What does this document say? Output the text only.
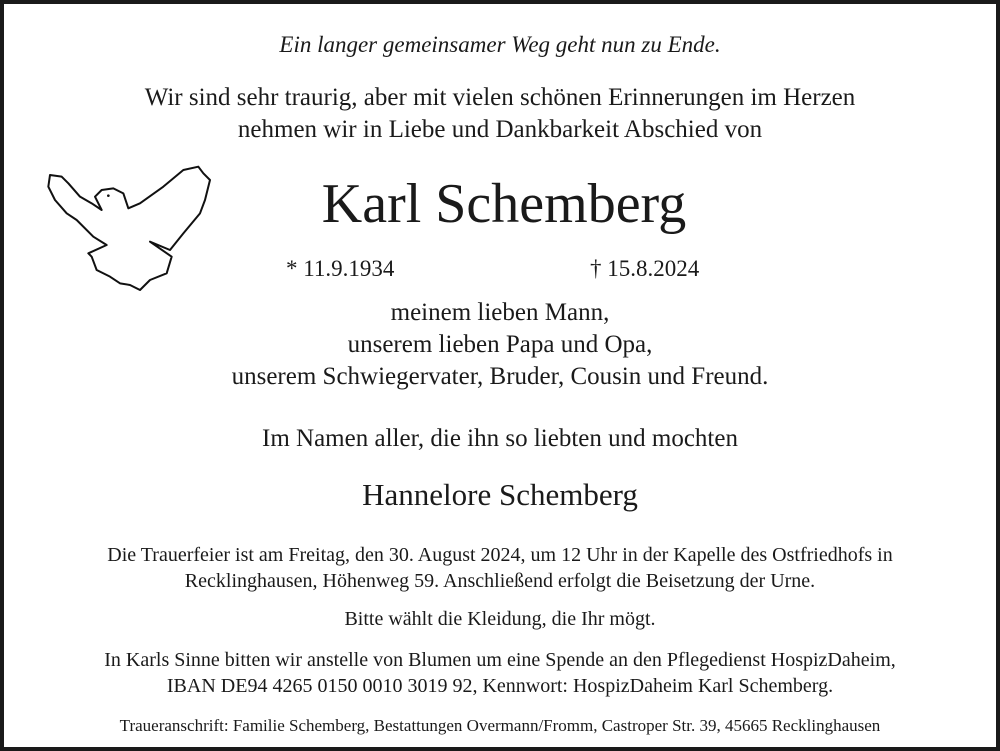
Ein langer gemeinsamer Weg geht nun zu Ende.
Wir sind sehr traurig, aber mit vielen schönen Erinnerungen im Herzen
nehmen wir in Liebe und Dankbarkeit Abschied von
Karl Schemberg
* 11.9.1934	† 15.8.2024
meinem lieben Mann,
unserem lieben Papa und Opa,
unserem Schwiegervater, Bruder, Cousin und Freund.
Im Namen aller, die ihn so liebten und mochten
Hannelore Schemberg
Die Trauerfeier ist am Freitag, den 30. August 2024, um 12 Uhr in der Kapelle des Ostfriedhofs in
Recklinghausen, Höhenweg 59. Anschließend erfolgt die Beisetzung der Urne.
Bitte wählt die Kleidung, die Ihr mögt.
In Karls Sinne bitten wir anstelle von Blumen um eine Spende an den Pflegedienst HospizDaheim,
IBAN DE94 4265 0150 0010 3019 92, Kennwort: HospizDaheim Karl Schemberg.
Traueranschrift: Familie Schemberg, Bestattungen Overmann/Fromm, Castroper Str. 39, 45665 Recklinghausen
